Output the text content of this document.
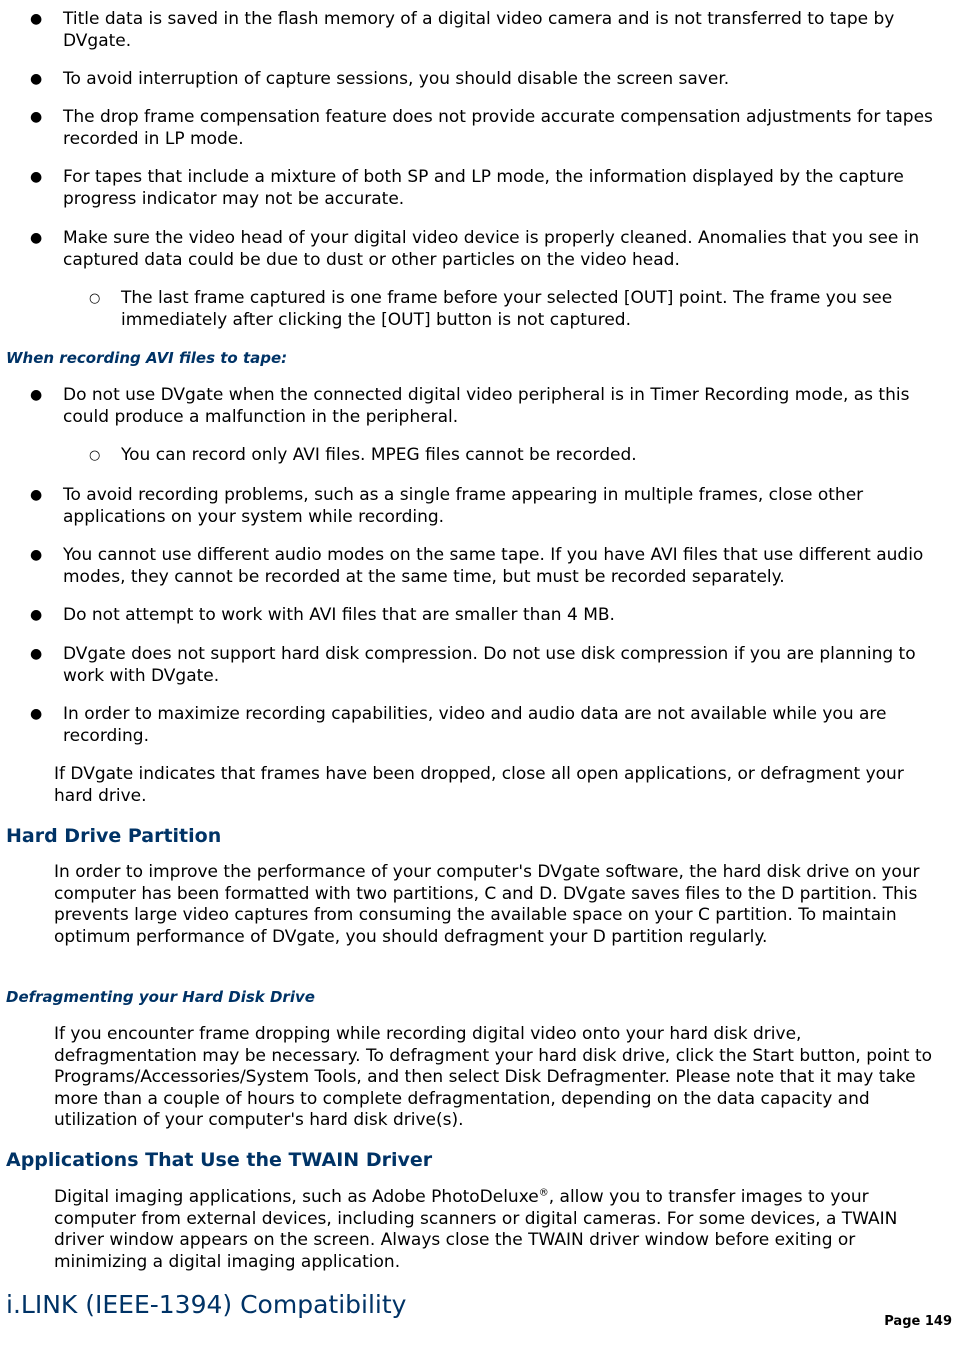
● Title data is saved in the flash memory of a digital video camera and is not transferred to tape by DVgate.

● To avoid interruption of capture sessions, you should disable the screen saver.

● The drop frame compensation feature does not provide accurate compensation adjustments for tapes recorded in LP mode.

● For tapes that include a mixture of both SP and LP mode, the information displayed by the capture progress indicator may not be accurate.

● Make sure the video head of your digital video device is properly cleaned. Anomalies that you see in captured data could be due to dust or other particles on the video head.

○ The last frame captured is one frame before your selected [OUT] point. The frame you see immediately after clicking the [OUT] button is not captured.

When recording AVI files to tape:

● Do not use DVgate when the connected digital video peripheral is in Timer Recording mode, as this could produce a malfunction in the peripheral.

○ You can record only AVI files. MPEG files cannot be recorded.

● To avoid recording problems, such as a single frame appearing in multiple frames, close other applications on your system while recording.

● You cannot use different audio modes on the same tape. If you have AVI files that use different audio modes, they cannot be recorded at the same time, but must be recorded separately.

● Do not attempt to work with AVI files that are smaller than 4 MB.

● DVgate does not support hard disk compression. Do not use disk compression if you are planning to work with DVgate.

● In order to maximize recording capabilities, video and audio data are not available while you are recording.

If DVgate indicates that frames have been dropped, close all open applications, or defragment your hard drive.

Hard Drive Partition

In order to improve the performance of your computer's DVgate software, the hard disk drive on your computer has been formatted with two partitions, C and D. DVgate saves files to the D partition. This prevents large video captures from consuming the available space on your C partition. To maintain optimum performance of DVgate, you should defragment your D partition regularly.

Defragmenting your Hard Disk Drive

If you encounter frame dropping while recording digital video onto your hard disk drive, defragmentation may be necessary. To defragment your hard disk drive, click the Start button, point to Programs/Accessories/System Tools, and then select Disk Defragmenter. Please note that it may take more than a couple of hours to complete defragmentation, depending on the data capacity and utilization of your computer's hard disk drive(s).

Applications That Use the TWAIN Driver

Digital imaging applications, such as Adobe PhotoDeluxe®, allow you to transfer images to your computer from external devices, including scanners or digital cameras. For some devices, a TWAIN driver window appears on the screen. Always close the TWAIN driver window before exiting or minimizing a digital imaging application.

i.LINK (IEEE-1394) Compatibility

Page 149
